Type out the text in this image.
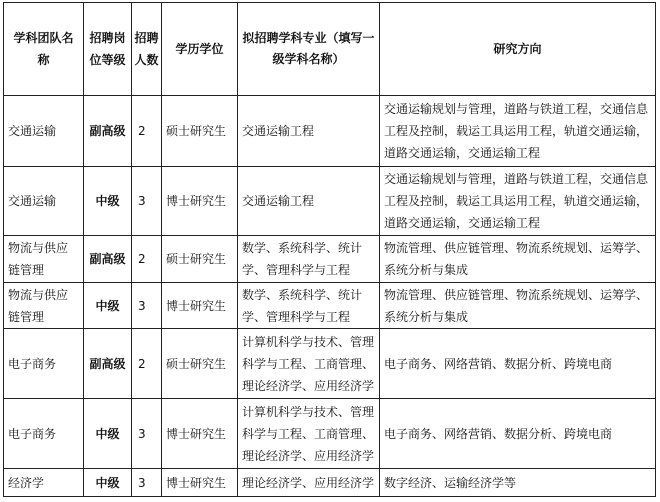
学科团队名称	招聘岗位等级	招聘人数	学历学位	拟招聘学科专业（填写一级学科名称）	研究方向
交通运输	副高级	2	硕士研究生	交通运输工程	交通运输规划与管理，道路与铁道工程，交通信息工程及控制，载运工具运用工程，轨道交通运输，道路交通运输，交通运输工程
交通运输	中级	3	博士研究生	交通运输工程	交通运输规划与管理，道路与铁道工程，交通信息工程及控制，载运工具运用工程，轨道交通运输，道路交通运输，交通运输工程
物流与供应链管理	副高级	2	硕士研究生	数学、系统科学、统计学、管理科学与工程	物流管理、供应链管理、物流系统规划、运筹学、系统分析与集成
物流与供应链管理	中级	3	博士研究生	数学、系统科学、统计学、管理科学与工程	物流管理、供应链管理、物流系统规划、运筹学、系统分析与集成
电子商务	副高级	2	硕士研究生	计算机科学与技术、管理科学与工程、工商管理、理论经济学、应用经济学	电子商务、网络营销、数据分析、跨境电商
电子商务	中级	3	博士研究生	计算机科学与技术、管理科学与工程、工商管理、理论经济学、应用经济学	电子商务、网络营销、数据分析、跨境电商
经济学	中级	3	博士研究生	理论经济学、应用经济学	数字经济、运输经济学等
